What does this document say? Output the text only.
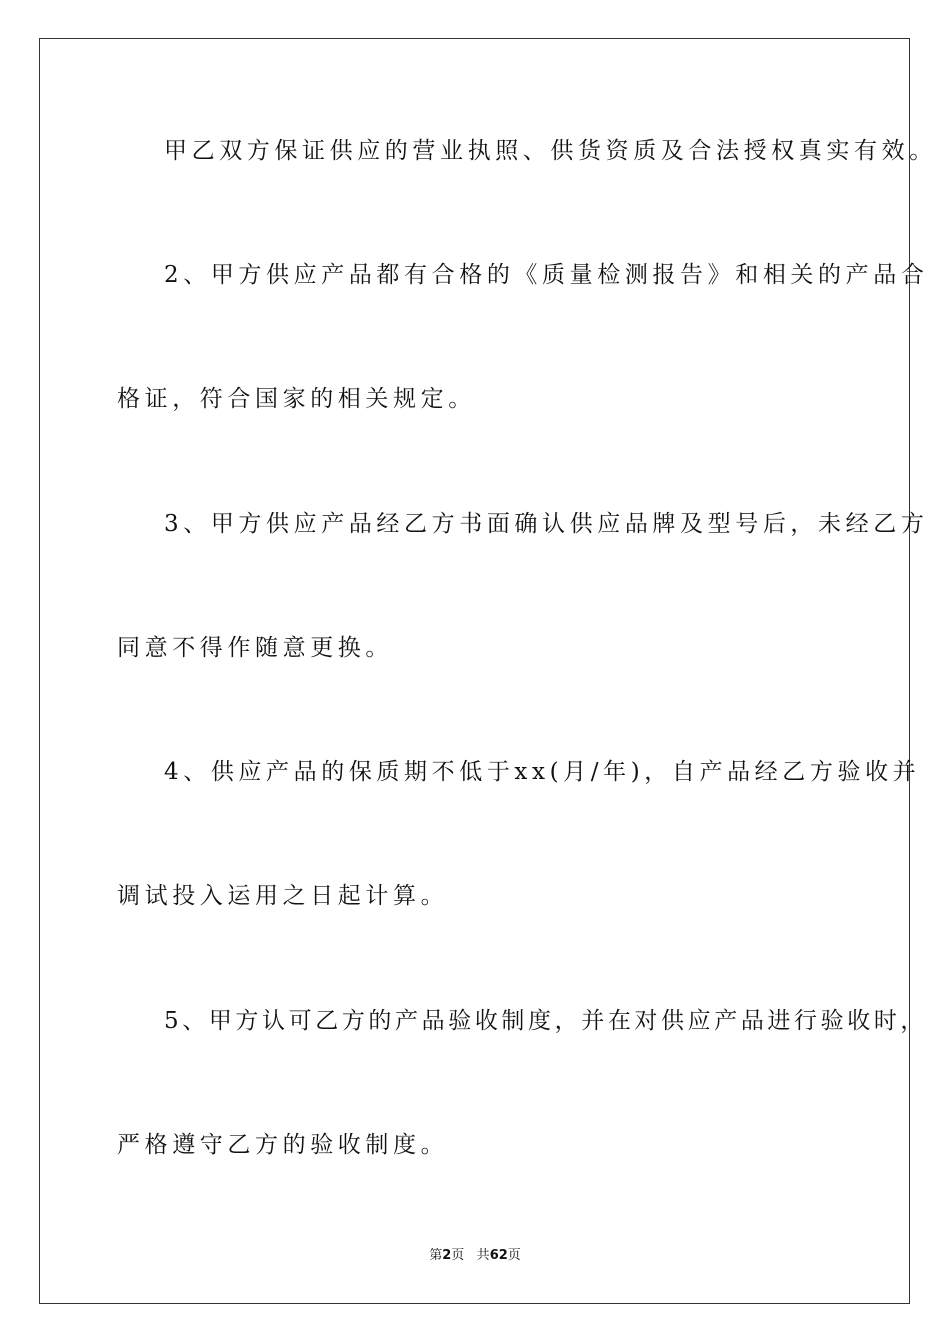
甲乙双方保证供应的营业执照、供货资质及合法授权真实有效。
2、甲方供应产品都有合格的《质量检测报告》和相关的产品合
格证，符合国家的相关规定。
3、甲方供应产品经乙方书面确认供应品牌及型号后，未经乙方
同意不得作随意更换。
4、供应产品的保质期不低于xx(月/年)，自产品经乙方验收并
调试投入运用之日起计算。
5、甲方认可乙方的产品验收制度，并在对供应产品进行验收时，
严格遵守乙方的验收制度。
第2页 共62页
